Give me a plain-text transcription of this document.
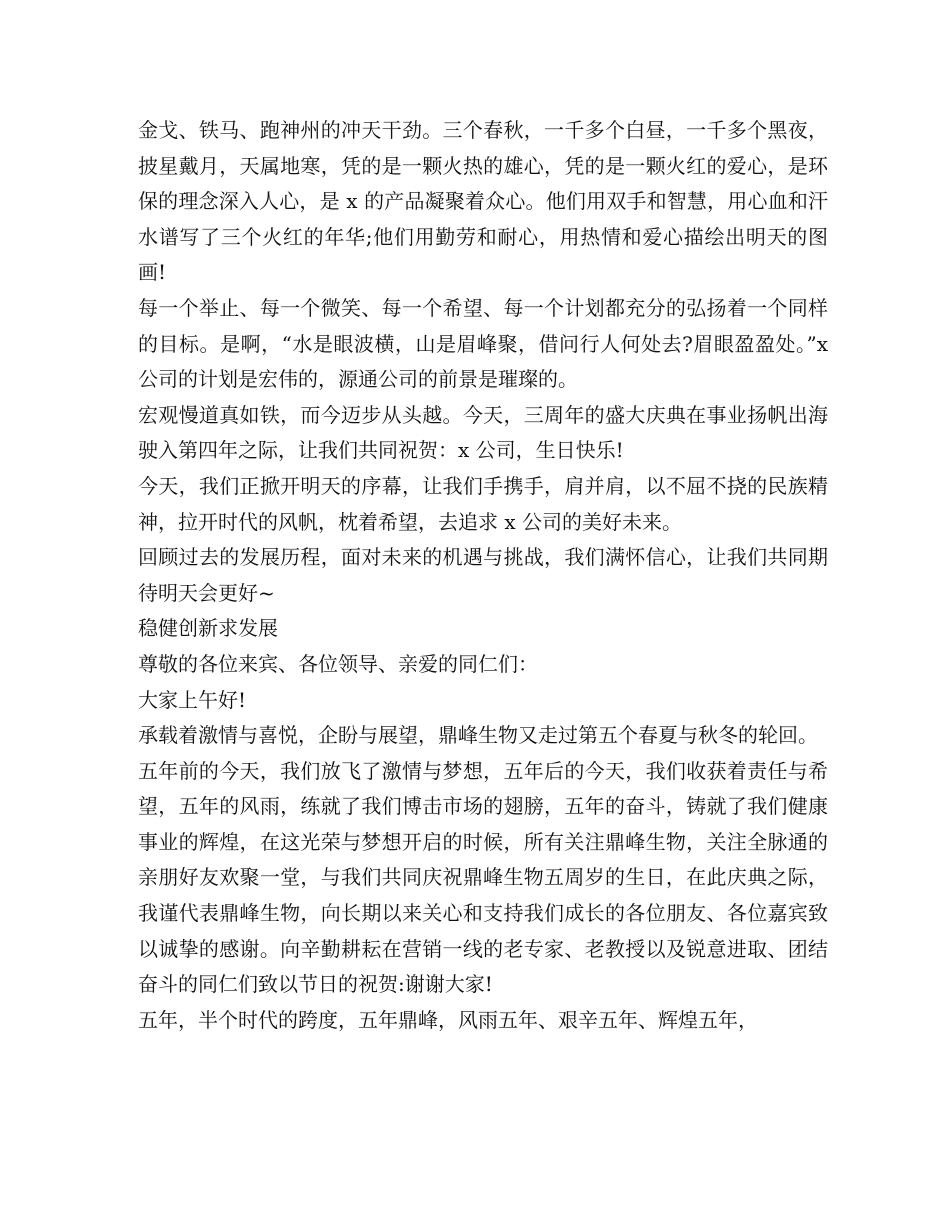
金戈、铁马、跑神州的冲天干劲。三个春秋，一千多个白昼，一千多个黑夜，披星戴月，天属地寒，凭的是一颗火热的雄心，凭的是一颗火红的爱心，是环保的理念深入人心，是 x 的产品凝聚着众心。他们用双手和智慧，用心血和汗水谱写了三个火红的年华;他们用勤劳和耐心，用热情和爱心描绘出明天的图画!

每一个举止、每一个微笑、每一个希望、每一个计划都充分的弘扬着一个同样的目标。是啊，“水是眼波横，山是眉峰聚，借问行人何处去?眉眼盈盈处。”x 公司的计划是宏伟的，源通公司的前景是璀璨的。

宏观慢道真如铁，而今迈步从头越。今天，三周年的盛大庆典在事业扬帆出海驶入第四年之际，让我们共同祝贺：x 公司，生日快乐!

今天，我们正掀开明天的序幕，让我们手携手，肩并肩，以不屈不挠的民族精神，拉开时代的风帆，枕着希望，去追求 x 公司的美好未来。

回顾过去的发展历程，面对未来的机遇与挑战，我们满怀信心，让我们共同期待明天会更好~

稳健创新求发展

尊敬的各位来宾、各位领导、亲爱的同仁们：

大家上午好!

承载着激情与喜悦，企盼与展望，鼎峰生物又走过第五个春夏与秋冬的轮回。

五年前的今天，我们放飞了激情与梦想，五年后的今天，我们收获着责任与希望，五年的风雨，练就了我们博击市场的翅膀，五年的奋斗，铸就了我们健康事业的辉煌，在这光荣与梦想开启的时候，所有关注鼎峰生物，关注全脉通的亲朋好友欢聚一堂，与我们共同庆祝鼎峰生物五周岁的生日，在此庆典之际，我谨代表鼎峰生物，向长期以来关心和支持我们成长的各位朋友、各位嘉宾致以诚挚的感谢。向辛勤耕耘在营销一线的老专家、老教授以及锐意进取、团结奋斗的同仁们致以节日的祝贺:谢谢大家!

五年，半个时代的跨度，五年鼎峰，风雨五年、艰辛五年、辉煌五年，
